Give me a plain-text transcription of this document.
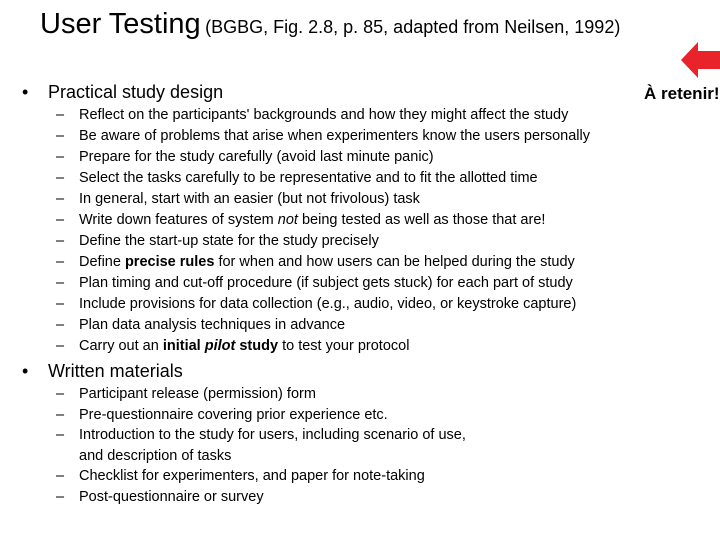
User Testing (BGBG, Fig. 2.8, p. 85, adapted from Neilsen, 1992)
À retenir!
• Practical study design
– Reflect on the participants' backgrounds and how they might affect the study
– Be aware of problems that arise when experimenters know the users personally
– Prepare for the study carefully (avoid last minute panic)
– Select the tasks carefully to be representative and to fit the allotted time
– In general, start with an easier (but not frivolous) task
– Write down features of system not being tested as well as those that are!
– Define the start-up state for the study precisely
– Define precise rules for when and how users can be helped during the study
– Plan timing and cut-off procedure (if subject gets stuck) for each part of study
– Include provisions for data collection (e.g., audio, video, or keystroke capture)
– Plan data analysis techniques in advance
– Carry out an initial pilot study to test your protocol
• Written materials
– Participant release (permission) form
– Pre-questionnaire covering prior experience etc.
– Introduction to the study for users, including scenario of use,
and description of tasks
– Checklist for experimenters, and paper for note-taking
– Post-questionnaire or survey
